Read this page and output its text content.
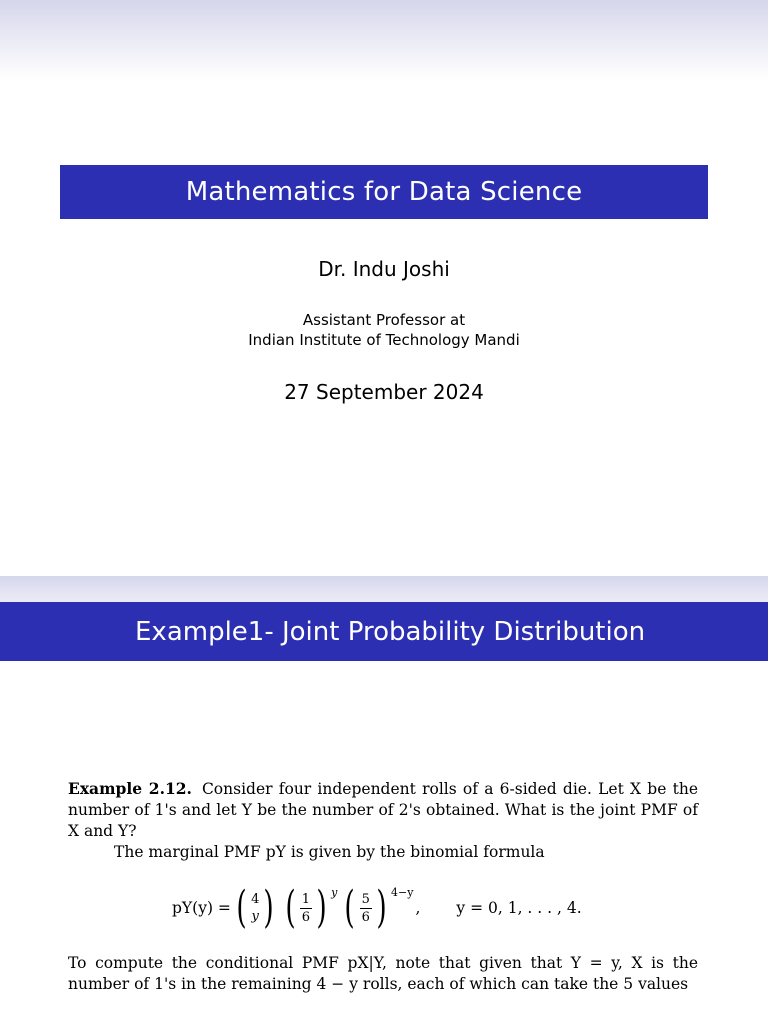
Mathematics for Data Science
Dr. Indu Joshi
Assistant Professor at
Indian Institute of Technology Mandi
27 September 2024
Example1- Joint Probability Distribution

Example 2.12. Consider four independent rolls of a 6-sided die. Let X be the number of 1's and let Y be the number of 2's obtained. What is the joint PMF of X and Y?

The marginal PMF pY is given by the binomial formula

pY(y) = ( 4
y ) ( $\frac{1}{6}$ ) y ( $\frac{5}{6}$ ) 4−y
, y = 0, 1, . . . , 4.

To compute the conditional PMF pX|Y, note that given that Y = y, X is the number of 1's in the remaining 4 − y rolls, each of which can take the 5 values
